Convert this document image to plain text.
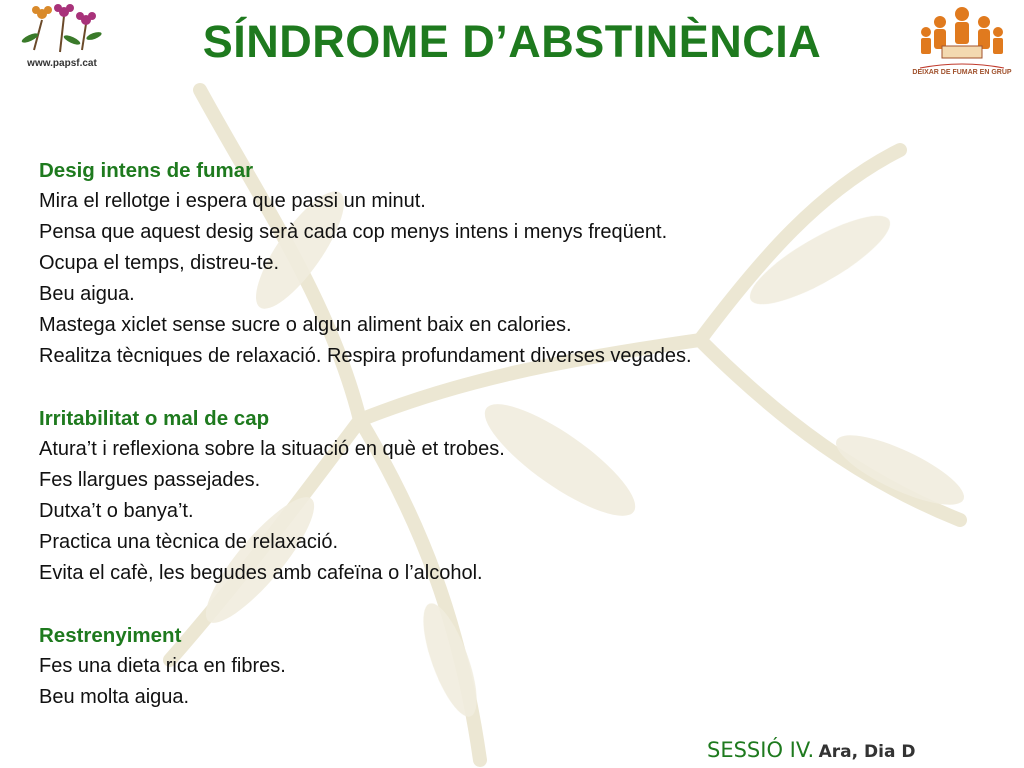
www.papsf.cat	SÍNDROME D’ABSTINÈNCIA
DEIXAR DE FUMAR EN GRUP
Desig intens de fumar
Mira el rellotge i espera que passi un minut.
Pensa que aquest desig serà cada cop menys intens i menys freqüent.
Ocupa el temps, distreu-te.
Beu aigua.
Mastega xiclet sense sucre o algun aliment baix en calories.
Realitza tècniques de relaxació. Respira profundament diverses vegades.
Irritabilitat o mal de cap
Atura’t i reflexiona sobre la situació en què et trobes.
Fes llargues passejades.
Dutxa’t o banya’t.
Practica una tècnica de relaxació.
Evita el cafè, les begudes amb cafeïna o l’alcohol.
Restrenyiment
Fes una dieta rica en fibres.
Beu molta aigua.
SESSIÓ IV. Ara, Dia D
